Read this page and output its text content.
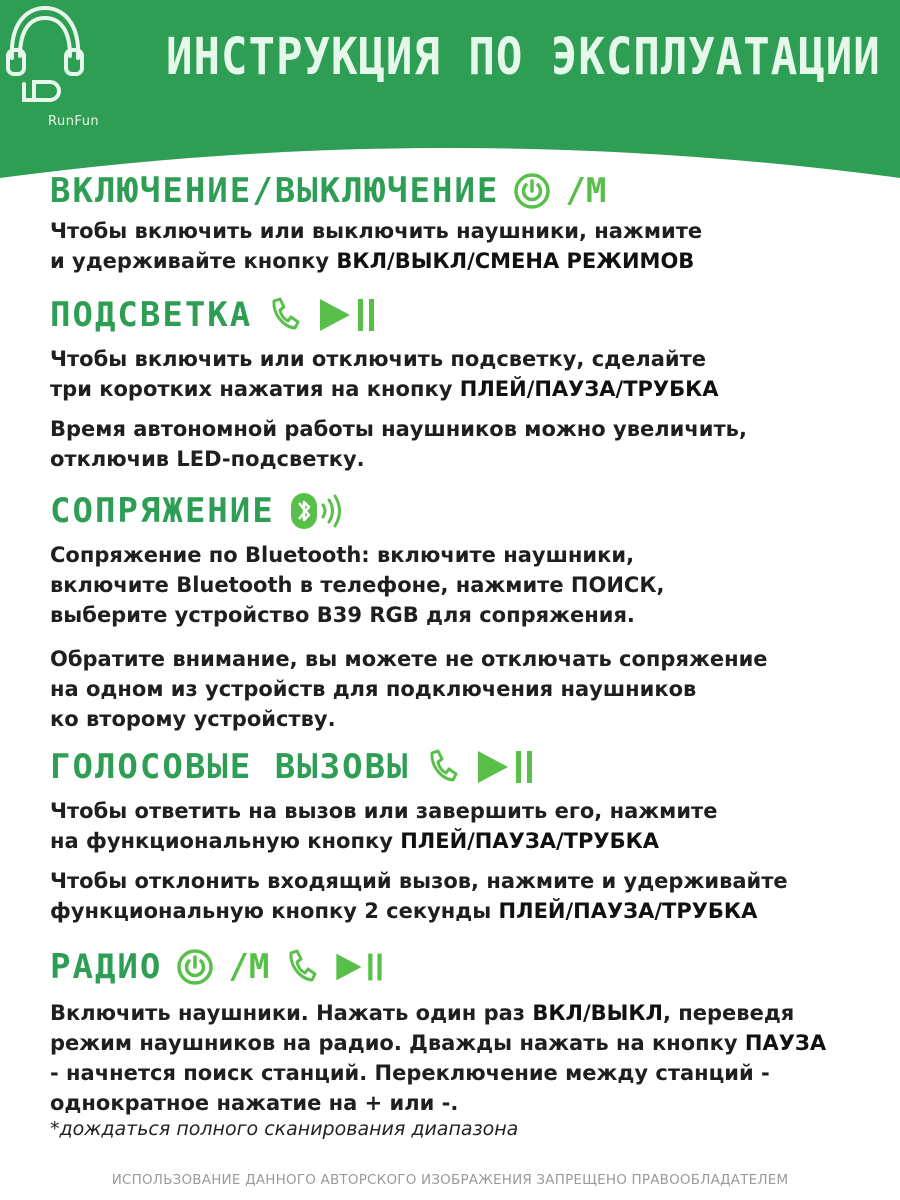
RunFun
ИНСТРУКЦИЯ ПО ЭКСПЛУАТАЦИИ
ВКЛЮЧЕНИЕ/ВЫКЛЮЧЕНИЕ /M

Чтобы включить или выключить наушники, нажмите
и удерживайте кнопку ВКЛ/ВЫКЛ/СМЕНА РЕЖИМОВ

ПОДСВЕТКА

Чтобы включить или отключить подсветку, сделайте
три коротких нажатия на кнопку ПЛЕЙ/ПАУЗА/ТРУБКА

Время автономной работы наушников можно увеличить,
отключив LED-подсветку.

СОПРЯЖЕНИЕ

Сопряжение по Bluetooth: включите наушники,
включите Bluetooth в телефоне, нажмите ПОИСК,
выберите устройство B39 RGB для сопряжения.

Обратите внимание, вы можете не отключать сопряжение
на одном из устройств для подключения наушников
ко второму устройству.

ГОЛОСОВЫЕ ВЫЗОВЫ

Чтобы ответить на вызов или завершить его, нажмите
на функциональную кнопку ПЛЕЙ/ПАУЗА/ТРУБКА

Чтобы отклонить входящий вызов, нажмите и удерживайте
функциональную кнопку 2 секунды ПЛЕЙ/ПАУЗА/ТРУБКА

РАДИО /M

Включить наушники. Нажать один раз ВКЛ/ВЫКЛ, переведя
режим наушников на радио. Дважды нажать на кнопку ПАУЗА
- начнется поиск станций. Переключение между станций -
однократное нажатие на + или -.

*дождаться полного сканирования диапазона
ИСПОЛЬЗОВАНИЕ ДАННОГО АВТОРСКОГО ИЗОБРАЖЕНИЯ ЗАПРЕЩЕНО ПРАВООБЛАДАТЕЛЕМ
